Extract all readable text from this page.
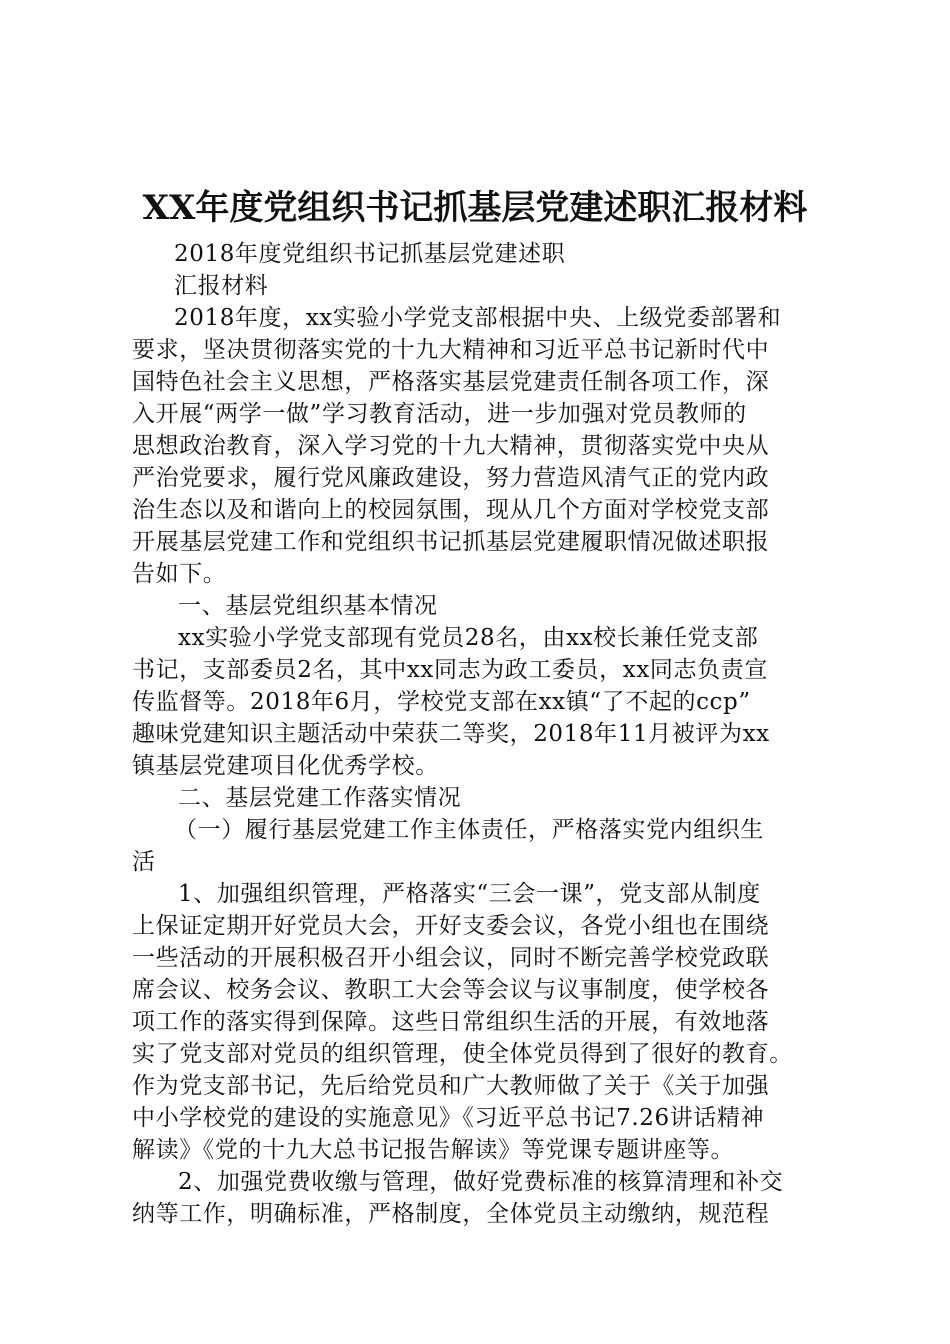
XX年度党组织书记抓基层党建述职汇报材料
2018年度党组织书记抓基层党建述职
汇报材料
2018年度，xx实验小学党支部根据中央、上级党委部署和
要求，坚决贯彻落实党的十九大精神和习近平总书记新时代中
国特色社会主义思想，严格落实基层党建责任制各项工作，深
入开展“两学一做”学习教育活动，进一步加强对党员教师的
思想政治教育，深入学习党的十九大精神，贯彻落实党中央从
严治党要求，履行党风廉政建设，努力营造风清气正的党内政
治生态以及和谐向上的校园氛围，现从几个方面对学校党支部
开展基层党建工作和党组织书记抓基层党建履职情况做述职报
告如下。
一、基层党组织基本情况
xx实验小学党支部现有党员28名，由xx校长兼任党支部
书记，支部委员2名，其中xx同志为政工委员，xx同志负责宣
传监督等。2018年6月，学校党支部在xx镇“了不起的ccp”
趣味党建知识主题活动中荣获二等奖，2018年11月被评为xx
镇基层党建项目化优秀学校。
二、基层党建工作落实情况
（一）履行基层党建工作主体责任，严格落实党内组织生
活
1、加强组织管理，严格落实“三会一课”，党支部从制度
上保证定期开好党员大会，开好支委会议，各党小组也在围绕
一些活动的开展积极召开小组会议，同时不断完善学校党政联
席会议、校务会议、教职工大会等会议与议事制度，使学校各
项工作的落实得到保障。这些日常组织生活的开展，有效地落
实了党支部对党员的组织管理，使全体党员得到了很好的教育。
作为党支部书记，先后给党员和广大教师做了关于《关于加强
中小学校党的建设的实施意见》《习近平总书记7.26讲话精神
解读》《党的十九大总书记报告解读》等党课专题讲座等。
2、加强党费收缴与管理，做好党费标准的核算清理和补交
纳等工作，明确标准，严格制度，全体党员主动缴纳，规范程
